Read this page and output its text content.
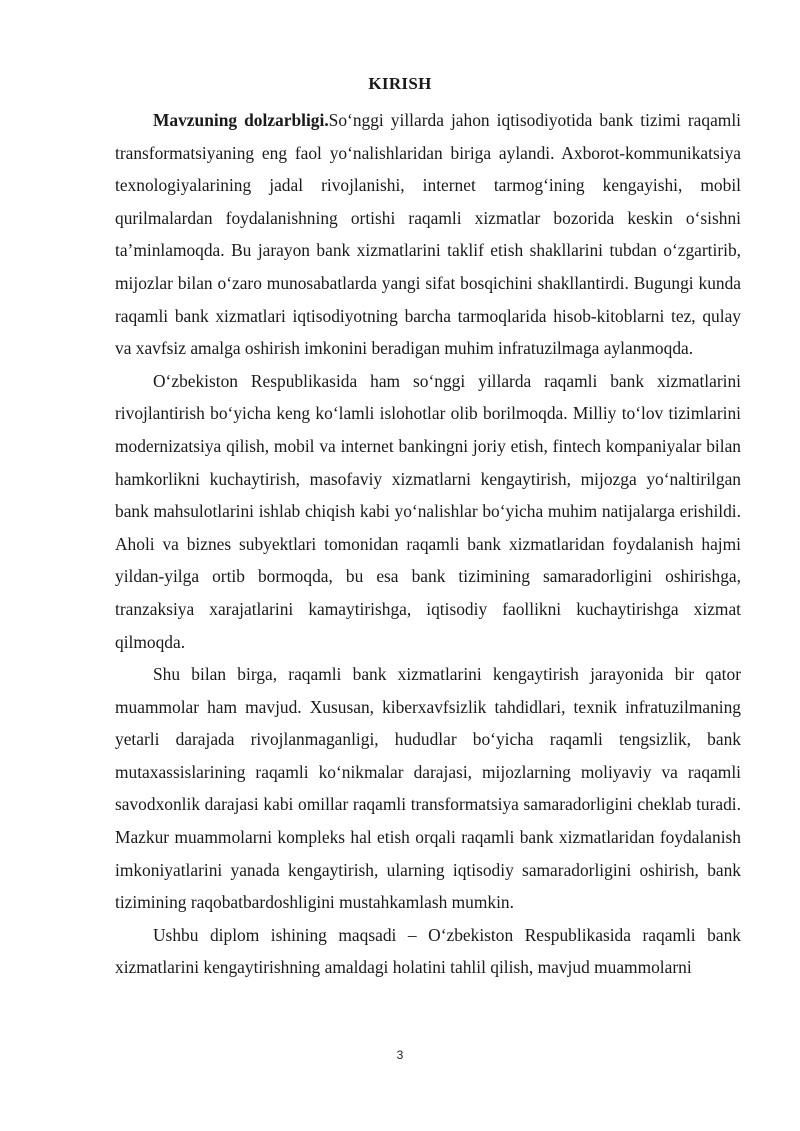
KIRISH

Mavzuning dolzarbligi.So‘nggi yillarda jahon iqtisodiyotida bank tizimi raqamli transformatsiyaning eng faol yo‘nalishlaridan biriga aylandi. Axborot-kommunikatsiya texnologiyalarining jadal rivojlanishi, internet tarmog‘ining kengayishi, mobil qurilmalardan foydalanishning ortishi raqamli xizmatlar bozorida keskin o‘sishni ta’minlamoqda. Bu jarayon bank xizmatlarini taklif etish shakllarini tubdan o‘zgartirib, mijozlar bilan o‘zaro munosabatlarda yangi sifat bosqichini shakllantirdi. Bugungi kunda raqamli bank xizmatlari iqtisodiyotning barcha tarmoqlarida hisob-kitoblarni tez, qulay va xavfsiz amalga oshirish imkonini beradigan muhim infratuzilmaga aylanmoqda.

O‘zbekiston Respublikasida ham so‘nggi yillarda raqamli bank xizmatlarini rivojlantirish bo‘yicha keng ko‘lamli islohotlar olib borilmoqda. Milliy to‘lov tizimlarini modernizatsiya qilish, mobil va internet bankingni joriy etish, fintech kompaniyalar bilan hamkorlikni kuchaytirish, masofaviy xizmatlarni kengaytirish, mijozga yo‘naltirilgan bank mahsulotlarini ishlab chiqish kabi yo‘nalishlar bo‘yicha muhim natijalarga erishildi. Aholi va biznes subyektlari tomonidan raqamli bank xizmatlaridan foydalanish hajmi yildan-yilga ortib bormoqda, bu esa bank tizimining samaradorligini oshirishga, tranzaksiya xarajatlarini kamaytirishga, iqtisodiy faollikni kuchaytirishga xizmat qilmoqda.

Shu bilan birga, raqamli bank xizmatlarini kengaytirish jarayonida bir qator muammolar ham mavjud. Xususan, kiberxavfsizlik tahdidlari, texnik infratuzilmaning yetarli darajada rivojlanmaganligi, hududlar bo‘yicha raqamli tengsizlik, bank mutaxassislarining raqamli ko‘nikmalar darajasi, mijozlarning moliyaviy va raqamli savodxonlik darajasi kabi omillar raqamli transformatsiya samaradorligini cheklab turadi. Mazkur muammolarni kompleks hal etish orqali raqamli bank xizmatlaridan foydalanish imkoniyatlarini yanada kengaytirish, ularning iqtisodiy samaradorligini oshirish, bank tizimining raqobatbardoshligini mustahkamlash mumkin.

Ushbu diplom ishining maqsadi – O‘zbekiston Respublikasida raqamli bank xizmatlarini kengaytirishning amaldagi holatini tahlil qilish, mavjud muammolarni

3
